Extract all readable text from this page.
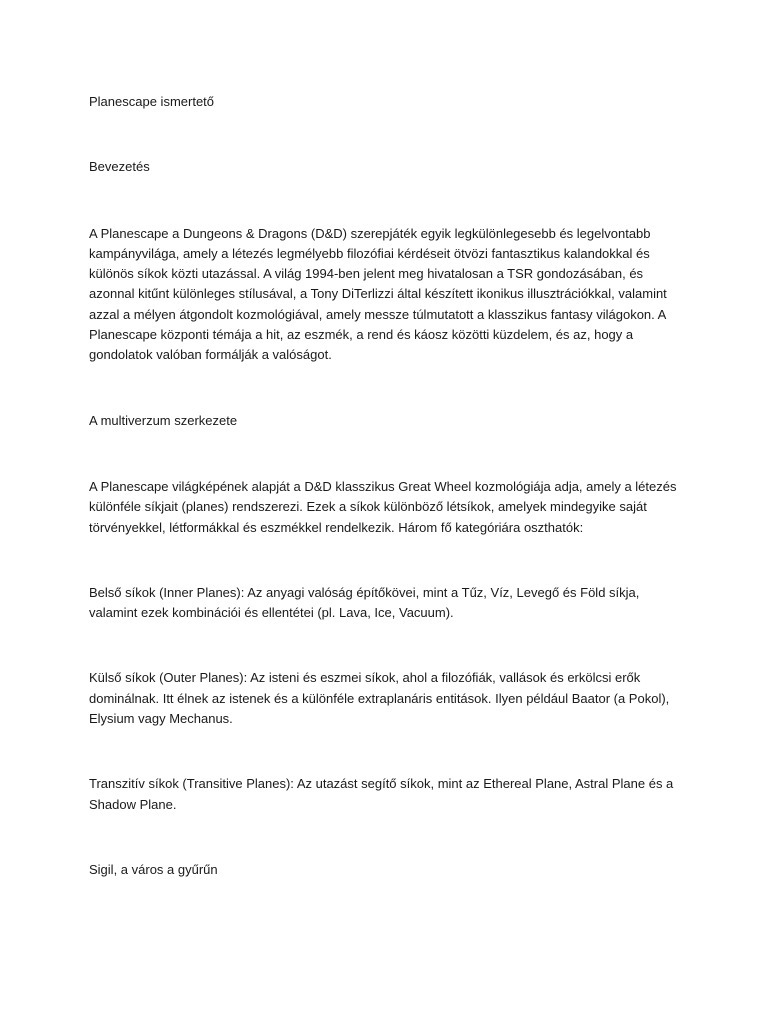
Planescape ismertető

Bevezetés

A Planescape a Dungeons & Dragons (D&D) szerepjáték egyik legkülönlegesebb és legelvontabb kampányvilága, amely a létezés legmélyebb filozófiai kérdéseit ötvözi fantasztikus kalandokkal és különös síkok közti utazással. A világ 1994-ben jelent meg hivatalosan a TSR gondozásában, és azonnal kitűnt különleges stílusával, a Tony DiTerlizzi által készített ikonikus illusztrációkkal, valamint azzal a mélyen átgondolt kozmológiával, amely messze túlmutatott a klasszikus fantasy világokon. A Planescape központi témája a hit, az eszmék, a rend és káosz közötti küzdelem, és az, hogy a gondolatok valóban formálják a valóságot.

A multiverzum szerkezete

A Planescape világképének alapját a D&D klasszikus Great Wheel kozmológiája adja, amely a létezés különféle síkjait (planes) rendszerezi. Ezek a síkok különböző létsíkok, amelyek mindegyike saját törvényekkel, létformákkal és eszmékkel rendelkezik. Három fő kategóriára oszthatók:

Belső síkok (Inner Planes): Az anyagi valóság építőkövei, mint a Tűz, Víz, Levegő és Föld síkja, valamint ezek kombinációi és ellentétei (pl. Lava, Ice, Vacuum).

Külső síkok (Outer Planes): Az isteni és eszmei síkok, ahol a filozófiák, vallások és erkölcsi erők dominálnak. Itt élnek az istenek és a különféle extraplanáris entitások. Ilyen például Baator (a Pokol), Elysium vagy Mechanus.

Transzitív síkok (Transitive Planes): Az utazást segítő síkok, mint az Ethereal Plane, Astral Plane és a Shadow Plane.

Sigil, a város a gyűrűn
